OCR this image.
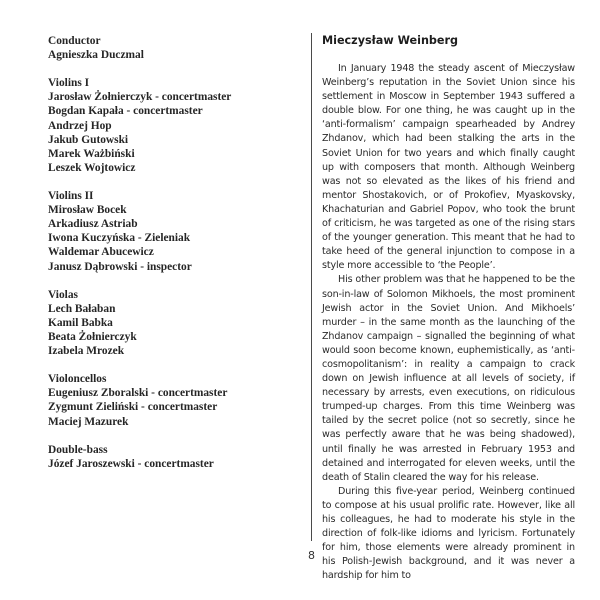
Conductor
Agnieszka Duczmal
Violins I
Jarosław Żołnierczyk - concertmaster
Bogdan Kapała - concertmaster
Andrzej Hop
Jakub Gutowski
Marek Ważbiński
Leszek Wojtowicz
Violins II
Mirosław Bocek
Arkadiusz Astriab
Iwona Kuczyńska - Zieleniak
Waldemar Abucewicz
Janusz Dąbrowski - inspector
Violas
Lech Bałaban
Kamil Babka
Beata Żołnierczyk
Izabela Mrozek
Violoncellos
Eugeniusz Zboralski - concertmaster
Zygmunt Zieliński - concertmaster
Maciej Mazurek
Double-bass
Józef Jaroszewski - concertmaster
Mieczysław Weinberg

In January 1948 the steady ascent of Mieczysław Weinberg’s reputation in the Soviet Union since his settlement in Moscow in September 1943 suffered a double blow. For one thing, he was caught up in the ‘anti-formalism’ campaign spearheaded by Andrey Zhdanov, which had been stalking the arts in the Soviet Union for two years and which finally caught up with composers that month. Although Weinberg was not so elevated as the likes of his friend and mentor Shostakovich, or of Prokofiev, Myaskovsky, Khachaturian and Gabriel Popov, who took the brunt of criticism, he was targeted as one of the rising stars of the younger generation. This meant that he had to take heed of the general injunction to compose in a style more accessible to ‘the People’.

His other problem was that he happened to be the son-in-law of Solomon Mikhoels, the most prominent Jewish actor in the Soviet Union. And Mikhoels’ murder – in the same month as the launching of the Zhdanov campaign – signalled the beginning of what would soon become known, euphemistically, as ‘anti-cosmopolitanism’: in reality a campaign to crack down on Jewish influence at all levels of society, if necessary by arrests, even executions, on ridiculous trumped-up charges. From this time Weinberg was tailed by the secret police (not so secretly, since he was perfectly aware that he was being shadowed), until finally he was arrested in February 1953 and detained and interrogated for eleven weeks, until the death of Stalin cleared the way for his release.

During this five-year period, Weinberg continued to compose at his usual prolific rate. However, like all his colleagues, he had to moderate his style in the direction of folk-like idioms and lyricism. Fortunately for him, those elements were already prominent in his Polish-Jewish background, and it was never a hardship for him to

8
